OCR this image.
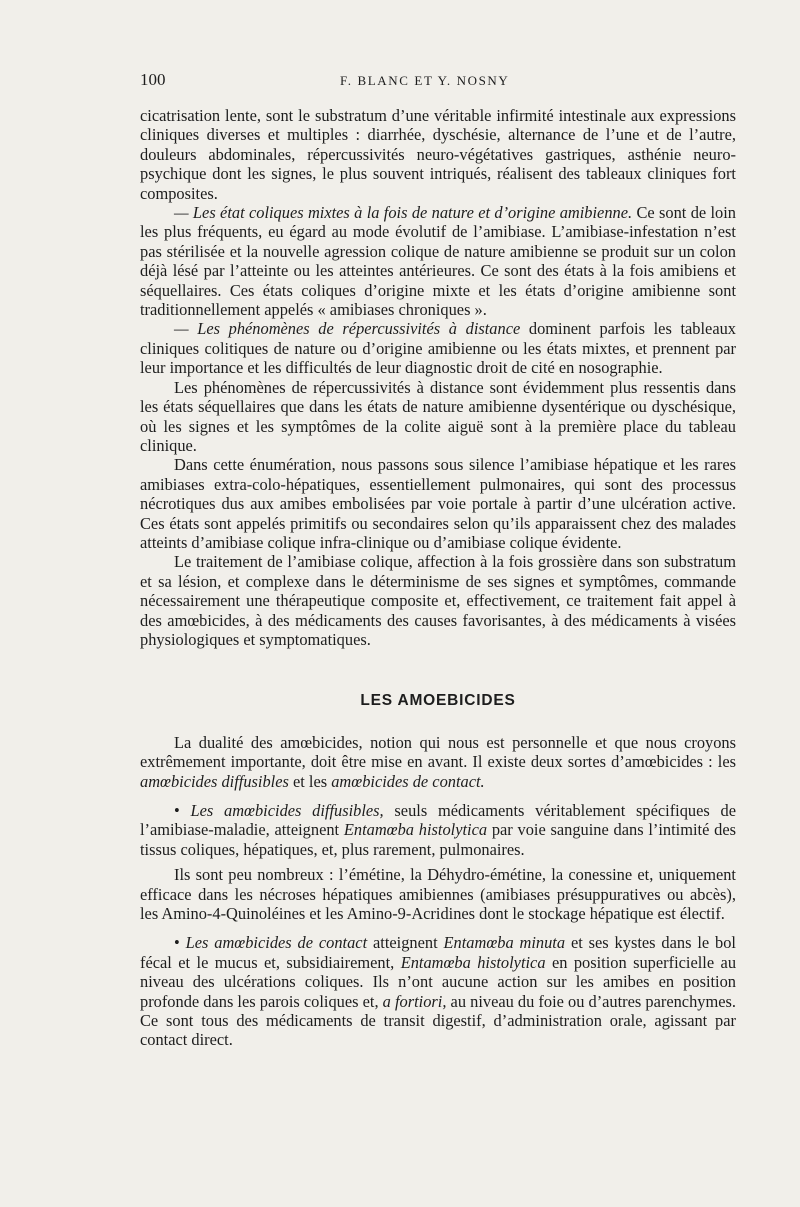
100	F. BLANC ET Y. NOSNY

cicatrisation lente, sont le substratum d’une véritable infirmité intestinale aux expressions cliniques diverses et multiples : diarrhée, dyschésie, alternance de l’une et de l’autre, douleurs abdominales, répercussivités neuro-végétatives gastriques, asthénie neuro-psychique dont les signes, le plus souvent intriqués, réalisent des tableaux cliniques fort composites.

— Les état coliques mixtes à la fois de nature et d’origine amibienne. Ce sont de loin les plus fréquents, eu égard au mode évolutif de l’amibiase. L’amibiase-infestation n’est pas stérilisée et la nouvelle agression colique de nature amibienne se produit sur un colon déjà lésé par l’atteinte ou les atteintes antérieures. Ce sont des états à la fois amibiens et séquellaires. Ces états coliques d’origine mixte et les états d’origine amibienne sont traditionnellement appelés « amibiases chroniques ».

— Les phénomènes de répercussivités à distance dominent parfois les tableaux cliniques colitiques de nature ou d’origine amibienne ou les états mixtes, et prennent par leur importance et les difficultés de leur diagnostic droit de cité en nosographie.

Les phénomènes de répercussivités à distance sont évidemment plus ressentis dans les états séquellaires que dans les états de nature amibienne dysentérique ou dyschésique, où les signes et les symptômes de la colite aiguë sont à la première place du tableau clinique.

Dans cette énumération, nous passons sous silence l’amibiase hépatique et les rares amibiases extra-colo-hépatiques, essentiellement pulmonaires, qui sont des processus nécrotiques dus aux amibes embolisées par voie portale à partir d’une ulcération active. Ces états sont appelés primitifs ou secondaires selon qu’ils apparaissent chez des malades atteints d’amibiase colique infra-clinique ou d’amibiase colique évidente.

Le traitement de l’amibiase colique, affection à la fois grossière dans son substratum et sa lésion, et complexe dans le déterminisme de ses signes et symptômes, commande nécessairement une thérapeutique composite et, effectivement, ce traitement fait appel à des amœbicides, à des médicaments des causes favorisantes, à des médicaments à visées physiologiques et symptomatiques.

LES AMOEBICIDES

La dualité des amœbicides, notion qui nous est personnelle et que nous croyons extrêmement importante, doit être mise en avant. Il existe deux sortes d’amœbicides : les amœbicides diffusibles et les amœbicides de contact.

• Les amœbicides diffusibles, seuls médicaments véritablement spécifiques de l’amibiase-maladie, atteignent Entamœba histolytica par voie sanguine dans l’intimité des tissus coliques, hépatiques, et, plus rarement, pulmonaires.

Ils sont peu nombreux : l’émétine, la Déhydro-émétine, la conessine et, uniquement efficace dans les nécroses hépatiques amibiennes (amibiases présuppuratives ou abcès), les Amino-4-Quinoléines et les Amino-9-Acridines dont le stockage hépatique est électif.

• Les amœbicides de contact atteignent Entamœba minuta et ses kystes dans le bol fécal et le mucus et, subsidiairement, Entamœba histolytica en position superficielle au niveau des ulcérations coliques. Ils n’ont aucune action sur les amibes en position profonde dans les parois coliques et, a fortiori, au niveau du foie ou d’autres parenchymes. Ce sont tous des médicaments de transit digestif, d’administration orale, agissant par contact direct.
